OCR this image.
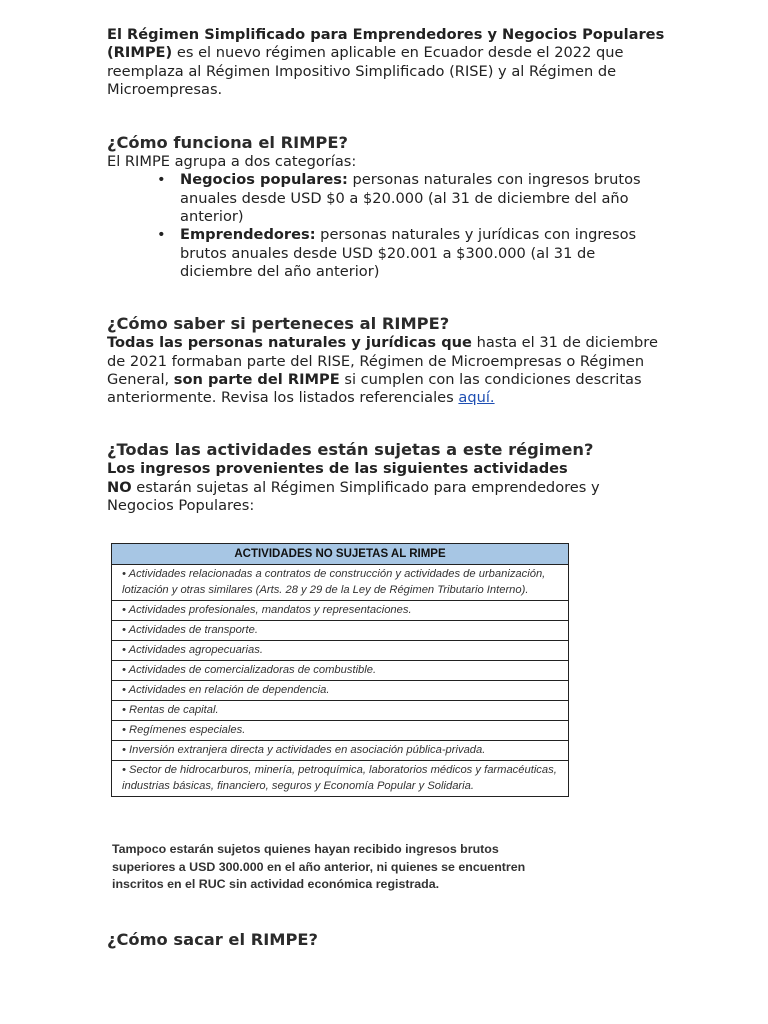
El Régimen Simplificado para Emprendedores y Negocios Populares (RIMPE) es el nuevo régimen aplicable en Ecuador desde el 2022 que reemplaza al Régimen Impositivo Simplificado (RISE) y al Régimen de Microempresas.

¿Cómo funciona el RIMPE?

El RIMPE agrupa a dos categorías:

• Negocios populares: personas naturales con ingresos brutos anuales desde USD $0 a $20.000 (al 31 de diciembre del año anterior)
• Emprendedores: personas naturales y jurídicas con ingresos brutos anuales desde USD $20.001 a $300.000 (al 31 de diciembre del año anterior)
¿Cómo saber si perteneces al RIMPE?

Todas las personas naturales y jurídicas que hasta el 31 de diciembre de 2021 formaban parte del RISE, Régimen de Microempresas o Régimen General, son parte del RIMPE si cumplen con las condiciones descritas anteriormente. Revisa los listados referenciales aquí.

¿Todas las actividades están sujetas a este régimen?

Los ingresos provenientes de las siguientes actividades
NO estarán sujetas al Régimen Simplificado para emprendedores y Negocios Populares:

ACTIVIDADES NO SUJETAS AL RIMPE
• Actividades relacionadas a contratos de construcción y actividades de urbanización, lotización y otras similares (Arts. 28 y 29 de la Ley de Régimen Tributario Interno).
• Actividades profesionales, mandatos y representaciones.
• Actividades de transporte.
• Actividades agropecuarias.
• Actividades de comercializadoras de combustible.
• Actividades en relación de dependencia.
• Rentas de capital.
• Regímenes especiales.
• Inversión extranjera directa y actividades en asociación pública-privada.
• Sector de hidrocarburos, minería, petroquímica, laboratorios médicos y farmacéuticas, industrias básicas, financiero, seguros y Economía Popular y Solidaria.
Tampoco estarán sujetos quienes hayan recibido ingresos brutos superiores a USD 300.000 en el año anterior, ni quienes se encuentren inscritos en el RUC sin actividad económica registrada.
¿Cómo sacar el RIMPE?
